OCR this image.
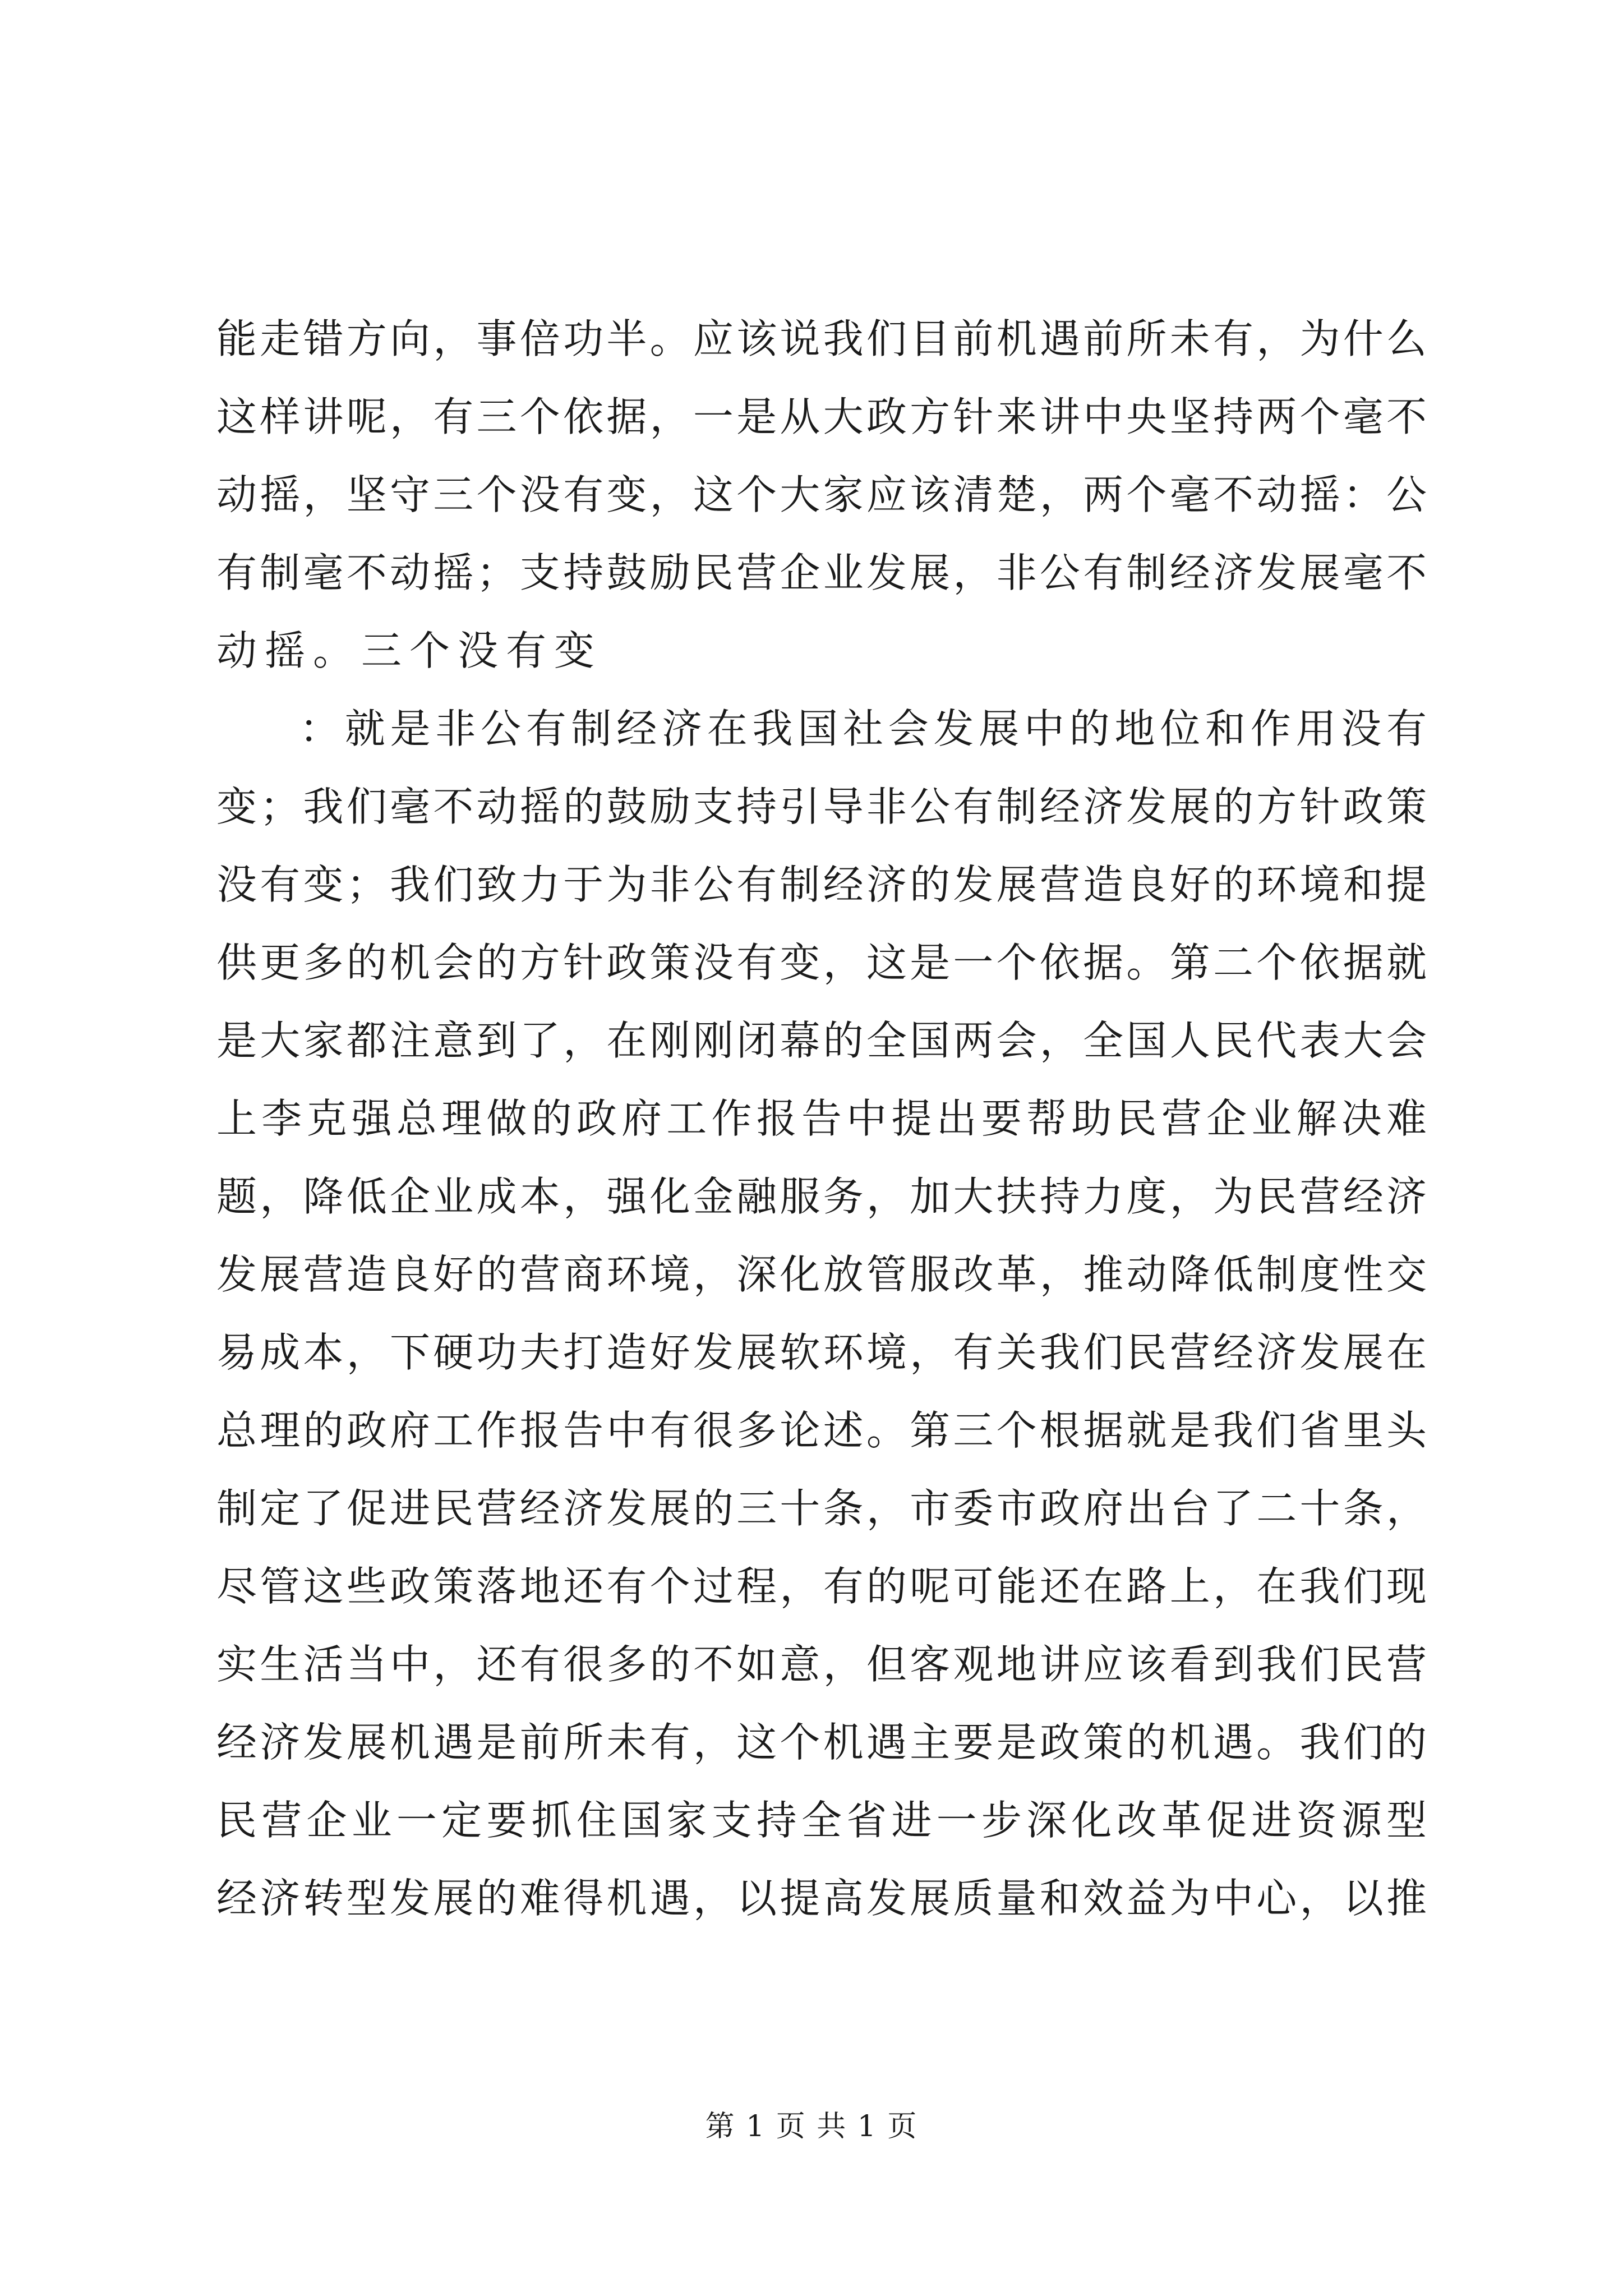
能走错方向，事倍功半。应该说我们目前机遇前所未有，为什么
这样讲呢，有三个依据，一是从大政方针来讲中央坚持两个毫不
动摇，坚守三个没有变，这个大家应该清楚，两个毫不动摇：公
有制毫不动摇；支持鼓励民营企业发展，非公有制经济发展毫不
动摇。三个没有变
：就是非公有制经济在我国社会发展中的地位和作用没有
变；我们毫不动摇的鼓励支持引导非公有制经济发展的方针政策
没有变；我们致力于为非公有制经济的发展营造良好的环境和提
供更多的机会的方针政策没有变，这是一个依据。第二个依据就
是大家都注意到了，在刚刚闭幕的全国两会，全国人民代表大会
上李克强总理做的政府工作报告中提出要帮助民营企业解决难
题，降低企业成本，强化金融服务，加大扶持力度，为民营经济
发展营造良好的营商环境，深化放管服改革，推动降低制度性交
易成本，下硬功夫打造好发展软环境，有关我们民营经济发展在
总理的政府工作报告中有很多论述。第三个根据就是我们省里头
制定了促进民营经济发展的三十条，市委市政府出台了二十条，
尽管这些政策落地还有个过程，有的呢可能还在路上，在我们现
实生活当中，还有很多的不如意，但客观地讲应该看到我们民营
经济发展机遇是前所未有，这个机遇主要是政策的机遇。我们的
民营企业一定要抓住国家支持全省进一步深化改革促进资源型
经济转型发展的难得机遇，以提高发展质量和效益为中心，以推
第 1 页 共 1 页
